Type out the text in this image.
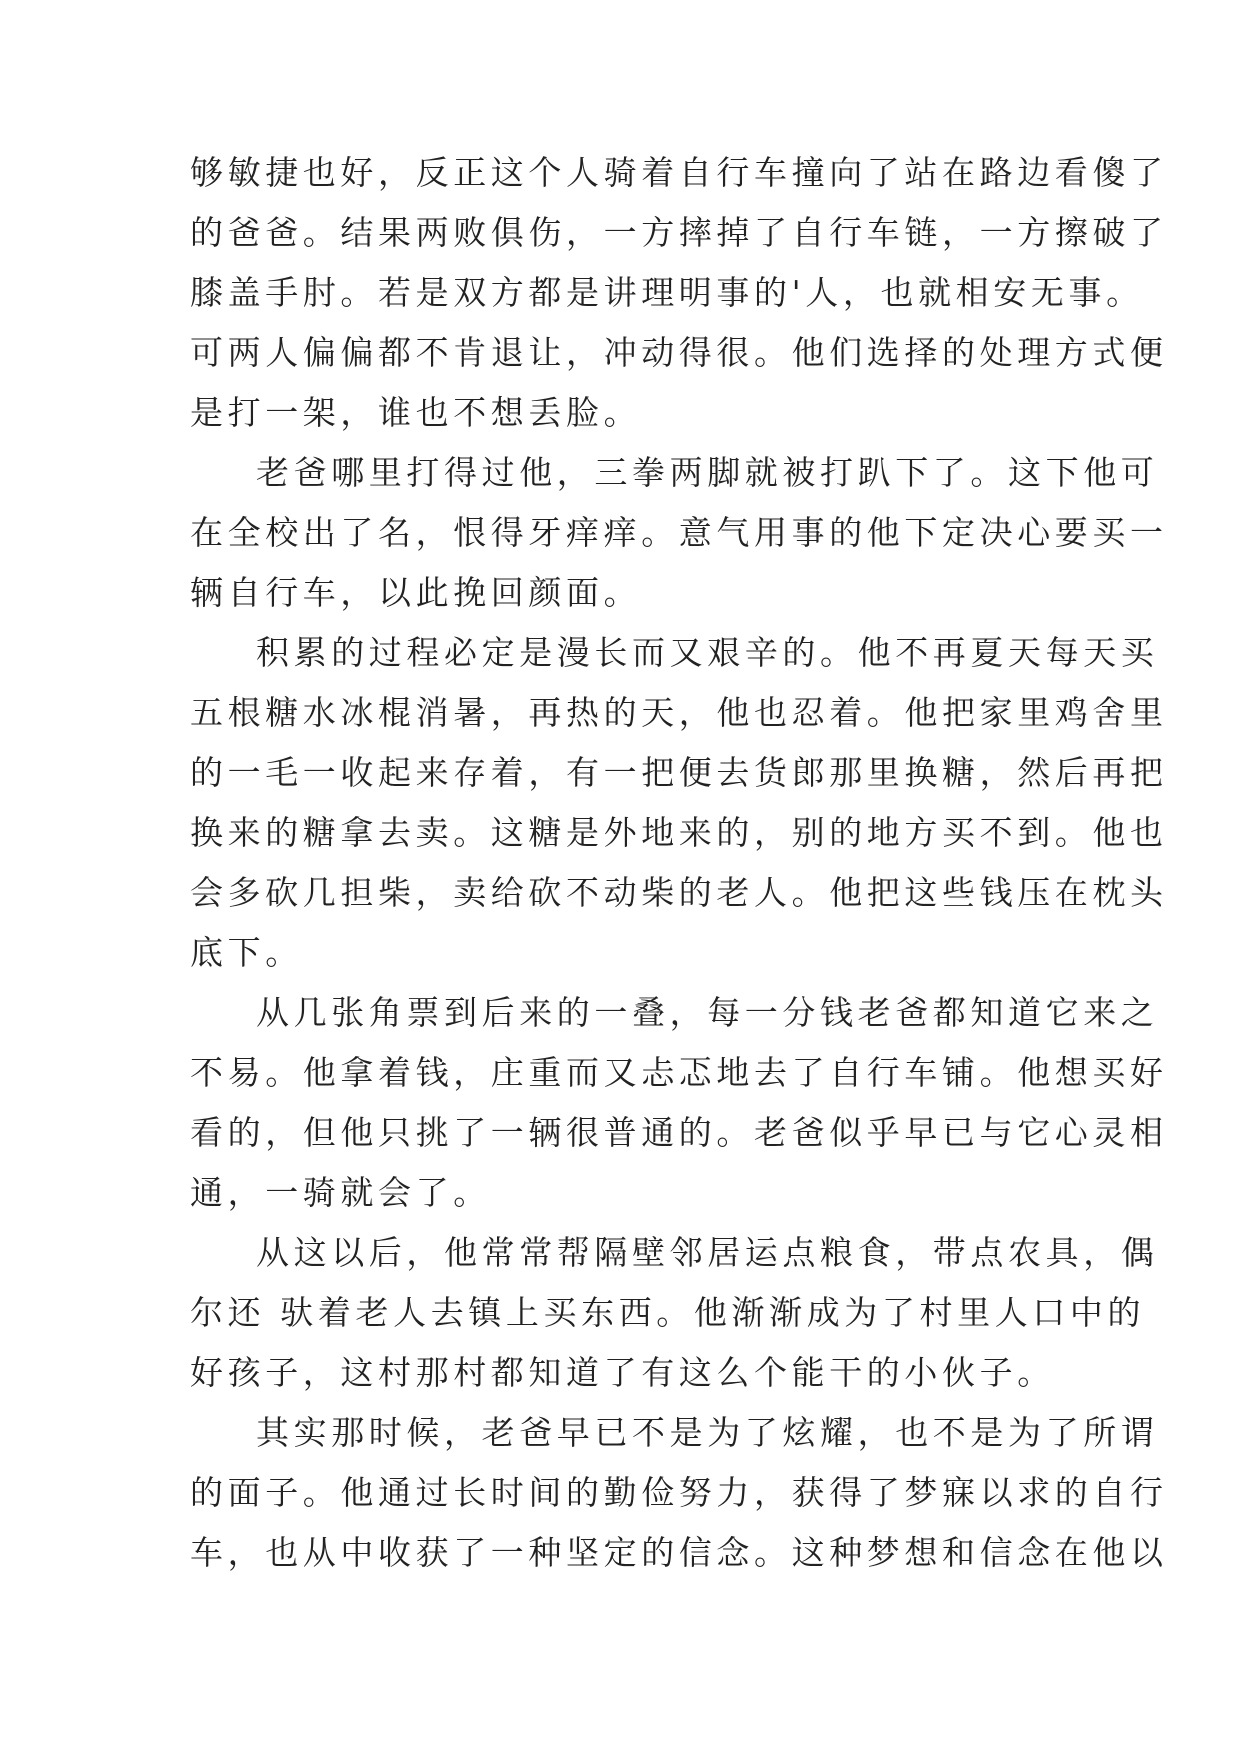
够敏捷也好，反正这个人骑着自行车撞向了站在路边看傻了
的爸爸。结果两败俱伤，一方摔掉了自行车链，一方擦破了
膝盖手肘。若是双方都是讲理明事的'人，也就相安无事。
可两人偏偏都不肯退让，冲动得很。他们选择的处理方式便
是打一架，谁也不想丢脸。
老爸哪里打得过他，三拳两脚就被打趴下了。这下他可
在全校出了名，恨得牙痒痒。意气用事的他下定决心要买一
辆自行车，以此挽回颜面。
积累的过程必定是漫长而又艰辛的。他不再夏天每天买
五根糖水冰棍消暑，再热的天，他也忍着。他把家里鸡舍里
的一毛一收起来存着，有一把便去货郎那里换糖，然后再把
换来的糖拿去卖。这糖是外地来的，别的地方买不到。他也
会多砍几担柴，卖给砍不动柴的老人。他把这些钱压在枕头
底下。
从几张角票到后来的一叠，每一分钱老爸都知道它来之
不易。他拿着钱，庄重而又忐忑地去了自行车铺。他想买好
看的，但他只挑了一辆很普通的。老爸似乎早已与它心灵相
通，一骑就会了。
从这以后，他常常帮隔壁邻居运点粮食，带点农具，偶
尔还 驮着老人去镇上买东西。他渐渐成为了村里人口中的
好孩子，这村那村都知道了有这么个能干的小伙子。
其实那时候，老爸早已不是为了炫耀，也不是为了所谓
的面子。他通过长时间的勤俭努力，获得了梦寐以求的自行
车，也从中收获了一种坚定的信念。这种梦想和信念在他以
